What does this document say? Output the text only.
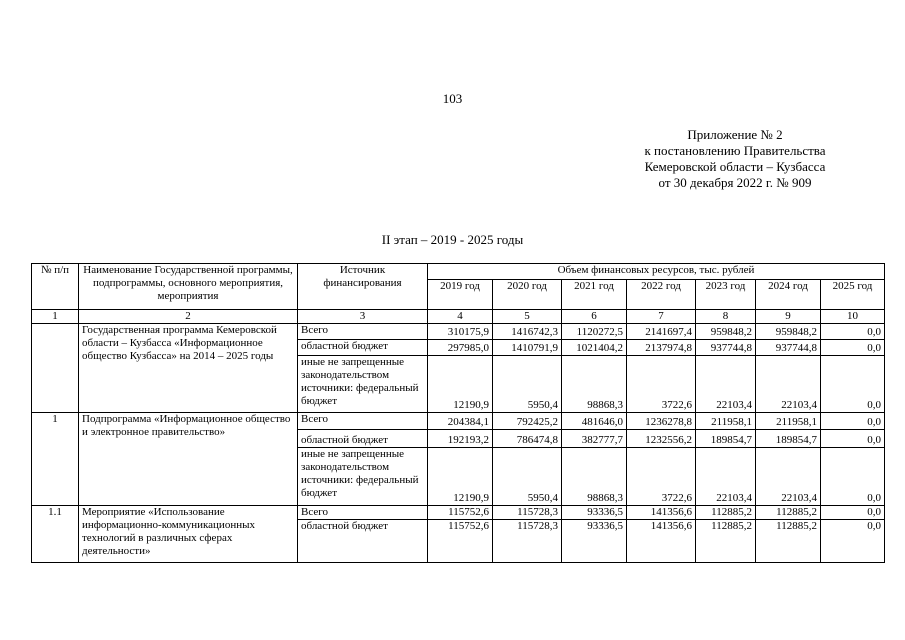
103
Приложение № 2
к постановлению Правительства
Кемеровской области – Кузбасса
от 30 декабря 2022 г. № 909
II этап – 2019 - 2025 годы
№ п/п	Наименование Государственной программы, подпрограммы, основного мероприятия, мероприятия	Источник финансирования	Объем финансовых ресурсов, тыс. рублей						
			2019 год	2020 год	2021 год	2022 год	2023 год	2024 год	2025 год
1	2	3	4	5	6	7	8	9	10
	Государственная программа Кемеровской области – Кузбасса «Информационное общество Кузбасса» на 2014 – 2025 годы	Всего	310175,9	1416742,3	1120272,5	2141697,4	959848,2	959848,2	0,0
		областной бюджет	297985,0	1410791,9	1021404,2	2137974,8	937744,8	937744,8	0,0
		иные не запрещенные законодательством источники: федеральный бюджет	12190,9	5950,4	98868,3	3722,6	22103,4	22103,4	0,0
1	Подпрограмма «Информационное общество и электронное правительство»	Всего	204384,1	792425,2	481646,0	1236278,8	211958,1	211958,1	0,0
		областной бюджет	192193,2	786474,8	382777,7	1232556,2	189854,7	189854,7	0,0
		иные не запрещенные законодательством источники: федеральный бюджет	12190,9	5950,4	98868,3	3722,6	22103,4	22103,4	0,0
1.1	Мероприятие «Использование информационно-коммуникационных технологий в различных сферах деятельности»	Всего	115752,6	115728,3	93336,5	141356,6	112885,2	112885,2	0,0
		областной бюджет	115752,6	115728,3	93336,5	141356,6	112885,2	112885,2	0,0
